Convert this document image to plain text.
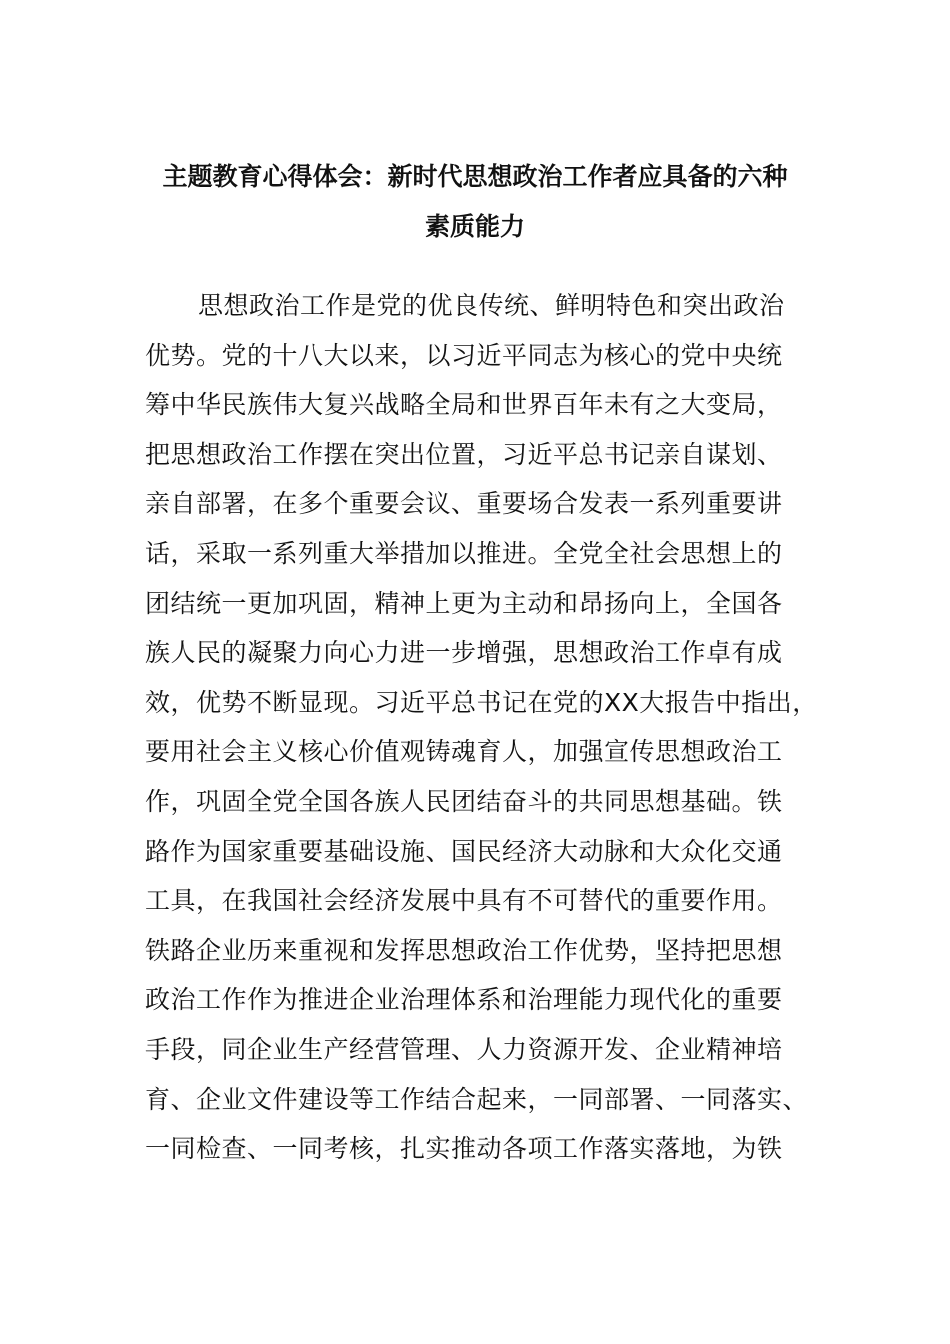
主题教育心得体会：新时代思想政治工作者应具备的六种
素质能力
思想政治工作是党的优良传统、鲜明特色和突出政治
优势。党的十八大以来，以习近平同志为核心的党中央统
筹中华民族伟大复兴战略全局和世界百年未有之大变局，
把思想政治工作摆在突出位置，习近平总书记亲自谋划、
亲自部署，在多个重要会议、重要场合发表一系列重要讲
话，采取一系列重大举措加以推进。全党全社会思想上的
团结统一更加巩固，精神上更为主动和昂扬向上，全国各
族人民的凝聚力向心力进一步增强，思想政治工作卓有成
效，优势不断显现。习近平总书记在党的XX大报告中指出，
要用社会主义核心价值观铸魂育人，加强宣传思想政治工
作，巩固全党全国各族人民团结奋斗的共同思想基础。铁
路作为国家重要基础设施、国民经济大动脉和大众化交通
工具，在我国社会经济发展中具有不可替代的重要作用。
铁路企业历来重视和发挥思想政治工作优势，坚持把思想
政治工作作为推进企业治理体系和治理能力现代化的重要
手段，同企业生产经营管理、人力资源开发、企业精神培
育、企业文件建设等工作结合起来，一同部署、一同落实、
一同检查、一同考核，扎实推动各项工作落实落地，为铁
